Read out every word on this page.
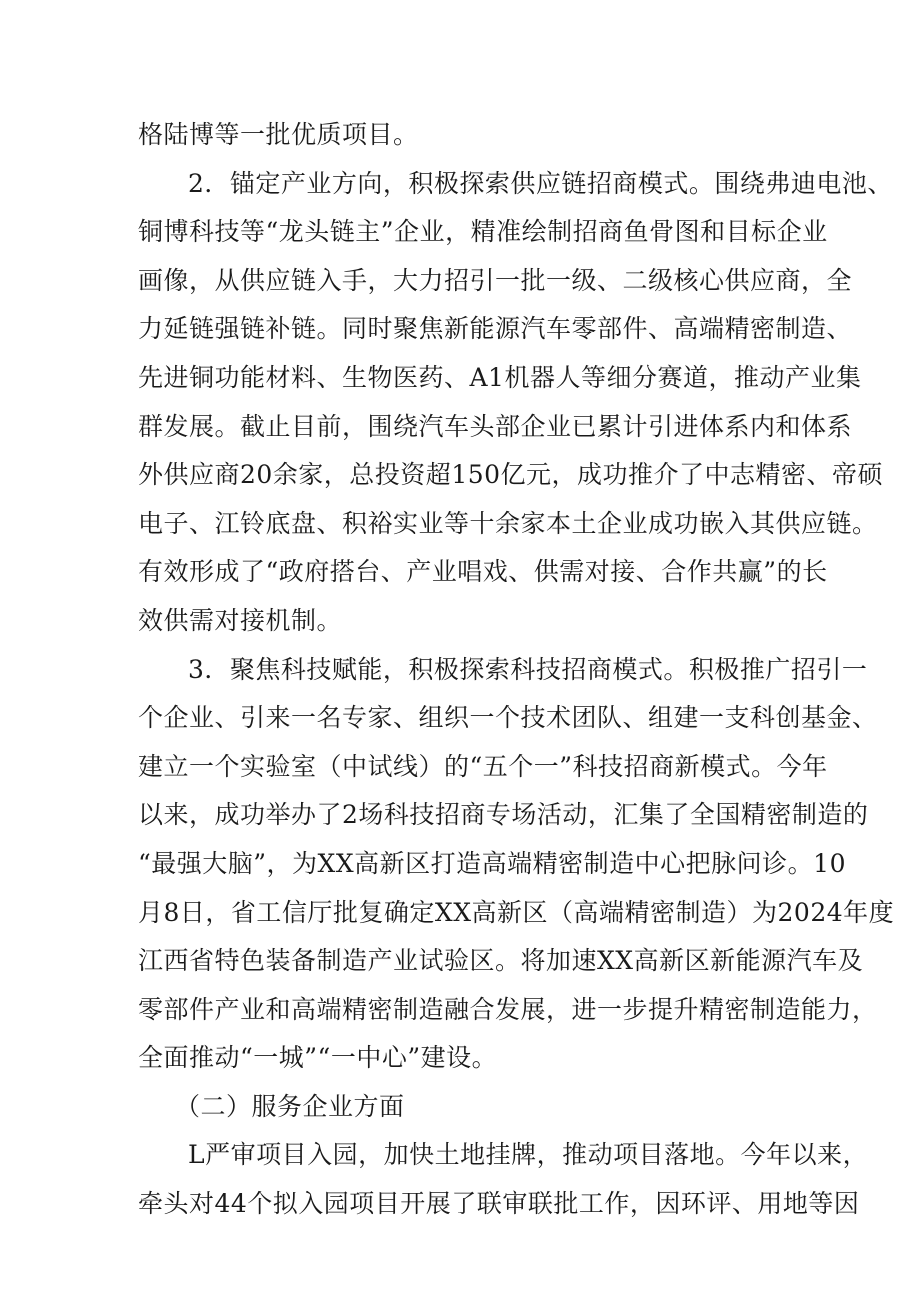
格陆博等一批优质项目。
2．锚定产业方向，积极探索供应链招商模式。围绕弗迪电池、
铜博科技等“龙头链主”企业，精准绘制招商鱼骨图和目标企业
画像，从供应链入手，大力招引一批一级、二级核心供应商，全
力延链强链补链。同时聚焦新能源汽车零部件、高端精密制造、
先进铜功能材料、生物医药、A1机器人等细分赛道，推动产业集
群发展。截止目前，围绕汽车头部企业已累计引进体系内和体系
外供应商20余家，总投资超150亿元，成功推介了中志精密、帝硕
电子、江铃底盘、积裕实业等十余家本土企业成功嵌入其供应链。
有效形成了“政府搭台、产业唱戏、供需对接、合作共赢”的长
效供需对接机制。
3．聚焦科技赋能，积极探索科技招商模式。积极推广招引一
个企业、引来一名专家、组织一个技术团队、组建一支科创基金、
建立一个实验室（中试线）的“五个一”科技招商新模式。今年
以来，成功举办了2场科技招商专场活动，汇集了全国精密制造的
“最强大脑”，为XX高新区打造高端精密制造中心把脉问诊。10
月8日，省工信厅批复确定XX高新区（高端精密制造）为2024年度
江西省特色装备制造产业试验区。将加速XX高新区新能源汽车及
零部件产业和高端精密制造融合发展，进一步提升精密制造能力，
全面推动“一城”“一中心”建设。
（二）服务企业方面
L严审项目入园，加快土地挂牌，推动项目落地。今年以来，
牵头对44个拟入园项目开展了联审联批工作，因环评、用地等因
